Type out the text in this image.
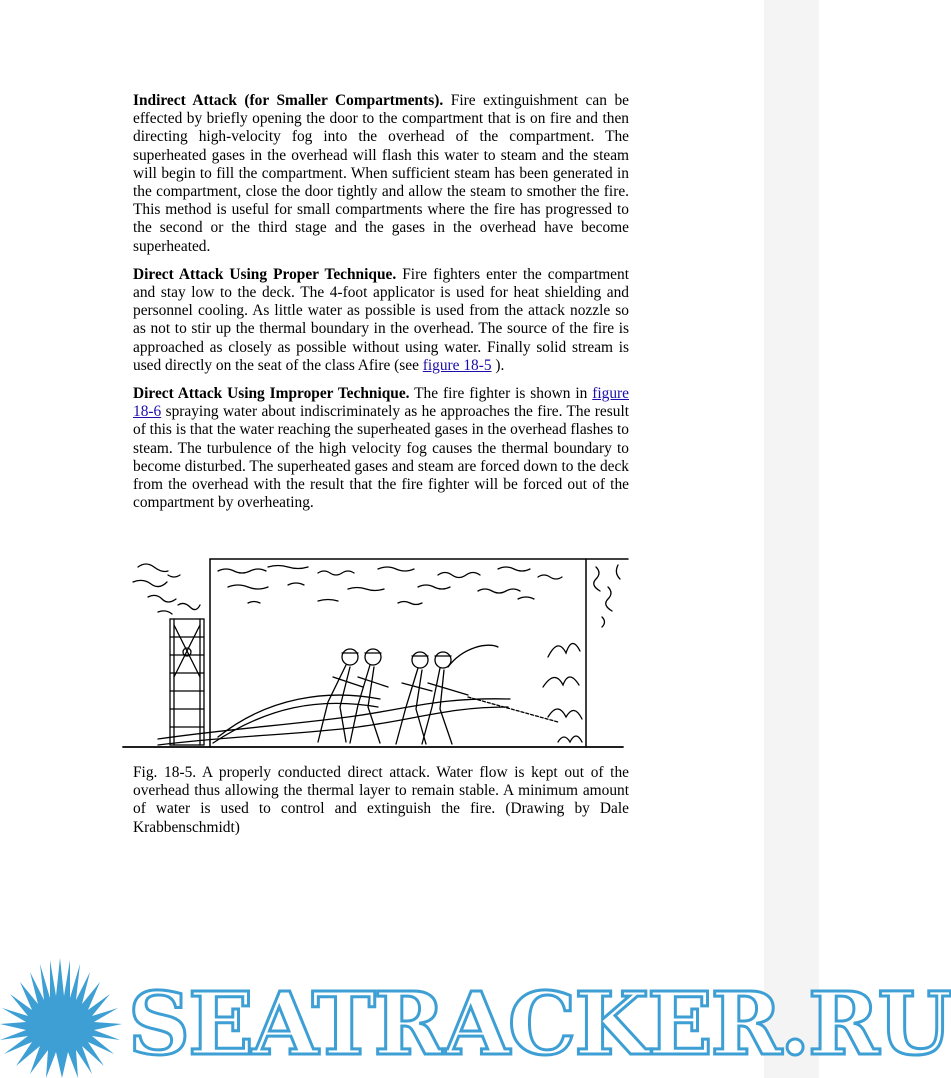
Indirect Attack (for Smaller Compartments). Fire extinguishment can be effected by briefly opening the door to the compartment that is on fire and then directing high-velocity fog into the overhead of the compartment. The superheated gases in the overhead will flash this water to steam and the steam will begin to fill the compartment. When sufficient steam has been generated in the compartment, close the door tightly and allow the steam to smother the fire. This method is useful for small compartments where the fire has progressed to the second or the third stage and the gases in the overhead have become superheated.

Direct Attack Using Proper Technique. Fire fighters enter the compartment and stay low to the deck. The 4-foot applicator is used for heat shielding and personnel cooling. As little water as possible is used from the attack nozzle so as not to stir up the thermal boundary in the overhead. The source of the fire is approached as closely as possible without using water. Finally solid stream is used directly on the seat of the class Afire (see figure 18-5 ).

Direct Attack Using Improper Technique. The fire fighter is shown in figure 18-6 spraying water about indiscriminately as he approaches the fire. The result of this is that the water reaching the superheated gases in the overhead flashes to steam. The turbulence of the high velocity fog causes the thermal boundary to become disturbed. The superheated gases and steam are forced down to the deck from the overhead with the result that the fire fighter will be forced out of the compartment by overheating.

Fig. 18-5. A properly conducted direct attack. Water flow is kept out of the overhead thus allowing the thermal layer to remain stable. A minimum amount of water is used to control and extinguish the fire. (Drawing by Dale Krabbenschmidt)

SEATRACKER.RU
